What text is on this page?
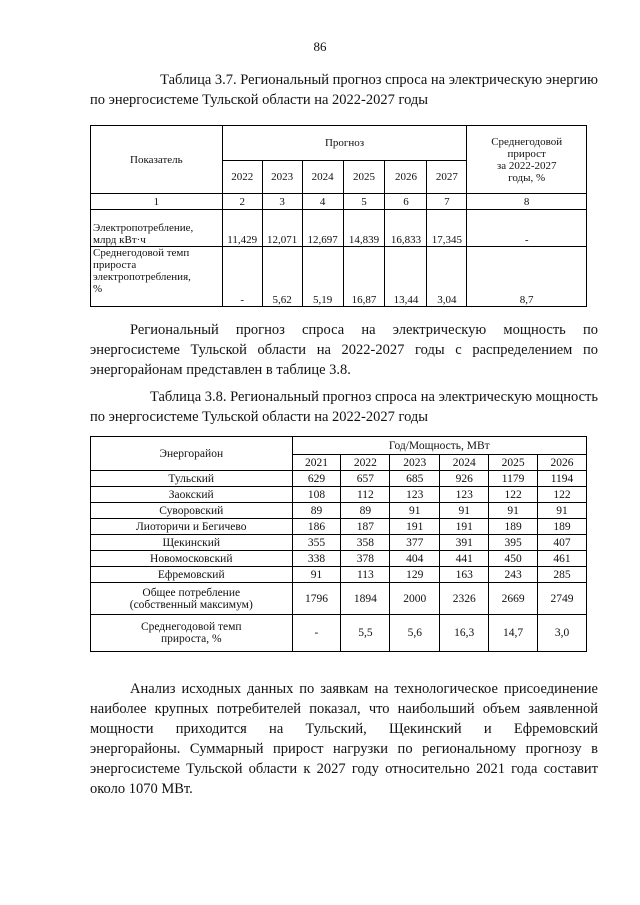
86
Таблица 3.7. Региональный прогноз спроса на электрическую энергию
по энергосистеме Тульской области на 2022-2027 годы
Показатель	Прогноз						Среднегодовой
прирост
за 2022-2027
годы, %

	2022	2023	2024	2025	2026	2027	
1	2	3	4	5	6	7	8

Электропотребление,
млрд кВт·ч	11,429	12,071	12,697	14,839	16,833	17,345	-

Среднегодовой темп
прироста
электропотребления,
%	-	5,62	5,19	16,87	13,44	3,04	8,7
Региональный прогноз спроса на электрическую мощность по
энергосистеме Тульской области на 2022-2027 годы с распределением по
энергорайонам представлен в таблице 3.8.
Таблица 3.8. Региональный прогноз спроса на электрическую мощность
по энергосистеме Тульской области на 2022-2027 годы
Энергорайон	Год/Мощность, МВт					
	2021	2022	2023	2024	2025	2026
Тульский	629	657	685	926	1179	1194
Заокский	108	112	123	123	122	122
Суворовский	89	89	91	91	91	91
Лиоторичи и Бегичево	186	187	191	191	189	189
Щекинский	355	358	377	391	395	407
Новомосковский	338	378	404	441	450	461
Ефремовский	91	113	129	163	243	285

Общее потребление
(собственный максимум)	1796	1894	2000	2326	2669	2749

Среднегодовой темп
прироста, %	-	5,5	5,6	16,3	14,7	3,0
Анализ исходных данных по заявкам на технологическое присоединение
наиболее крупных потребителей показал, что наибольший объем заявленной
мощности приходится на Тульский, Щекинский и Ефремовский
энергорайоны. Суммарный прирост нагрузки по региональному прогнозу в
энергосистеме Тульской области к 2027 году относительно 2021 года составит
около 1070 МВт.
